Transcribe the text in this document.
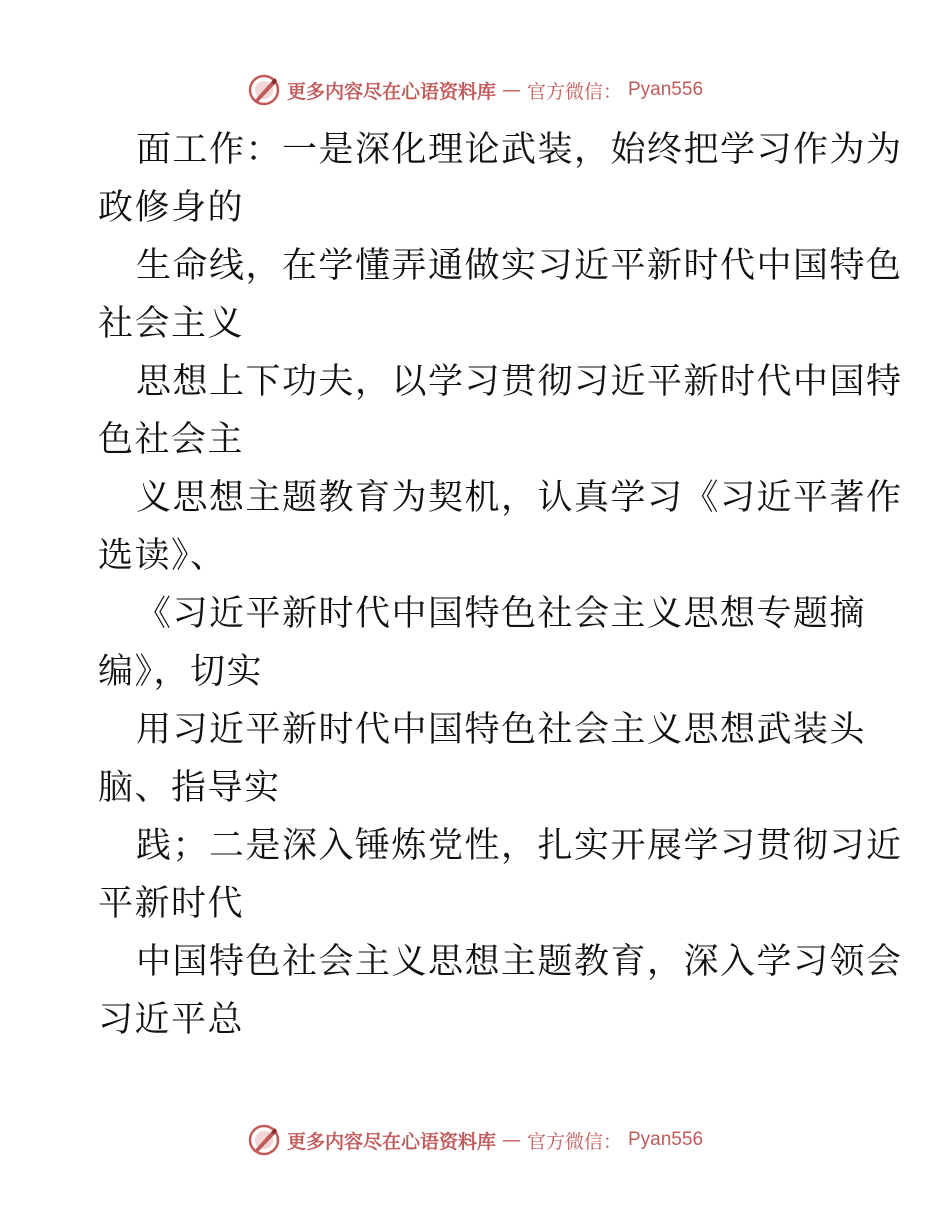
更多内容尽在心语资料库 — 官方微信： Pyan556
面工作：一是深化理论武装，始终把学习作为为
政修身的
生命线，在学懂弄通做实习近平新时代中国特色
社会主义
思想上下功夫，以学习贯彻习近平新时代中国特
色社会主
义思想主题教育为契机，认真学习《习近平著作
选读》、
《习近平新时代中国特色社会主义思想专题摘
编》，切实
用习近平新时代中国特色社会主义思想武装头
脑、指导实
践；二是深入锤炼党性，扎实开展学习贯彻习近
平新时代
中国特色社会主义思想主题教育，深入学习领会
习近平总
更多内容尽在心语资料库 — 官方微信： Pyan556
